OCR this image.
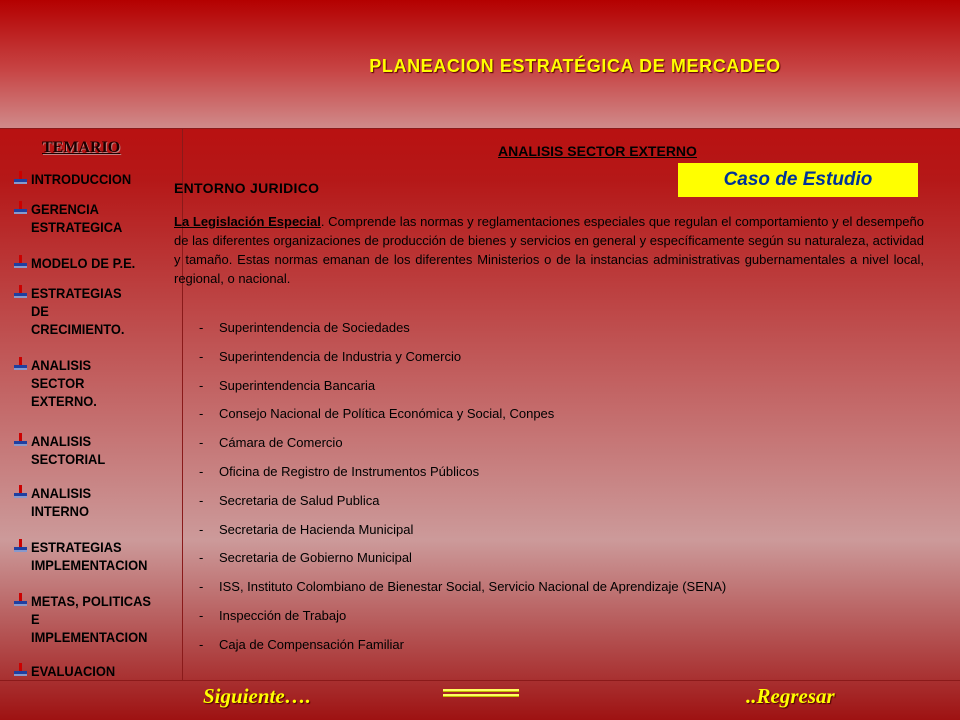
PLANEACION ESTRATÉGICA DE MERCADEO
TEMARIO
INTRODUCCION
GERENCIA
ESTRATEGICA
MODELO DE P.E.
ESTRATEGIAS
DE
CRECIMIENTO.
ANALISIS
SECTOR
EXTERNO.
ANALISIS
SECTORIAL
ANALISIS
INTERNO
ESTRATEGIAS
IMPLEMENTACION
METAS, POLITICAS
E
IMPLEMENTACION
EVALUACION
ANALISIS SECTOR EXTERNO
Caso de Estudio
ENTORNO JURIDICO
La Legislación Especial. Comprende las normas y reglamentaciones especiales que regulan el comportamiento y el desempeño de las diferentes organizaciones de producción de bienes y servicios en general y específicamente según su naturaleza, actividad y tamaño. Estas normas emanan de los diferentes Ministerios o de la instancias administrativas gubernamentales a nivel local, regional, o nacional.
- Superintendencia de Sociedades
- Superintendencia de Industria y Comercio
- Superintendencia Bancaria
- Consejo Nacional de Política Económica y Social, Conpes
- Cámara de Comercio
- Oficina de Registro de Instrumentos Públicos
- Secretaria de Salud Publica
- Secretaria de Hacienda Municipal
- Secretaria de Gobierno Municipal
- ISS, Instituto Colombiano de Bienestar Social, Servicio Nacional de Aprendizaje (SENA)
- Inspección de Trabajo
- Caja de Compensación Familiar
Siguiente….	..Regresar
